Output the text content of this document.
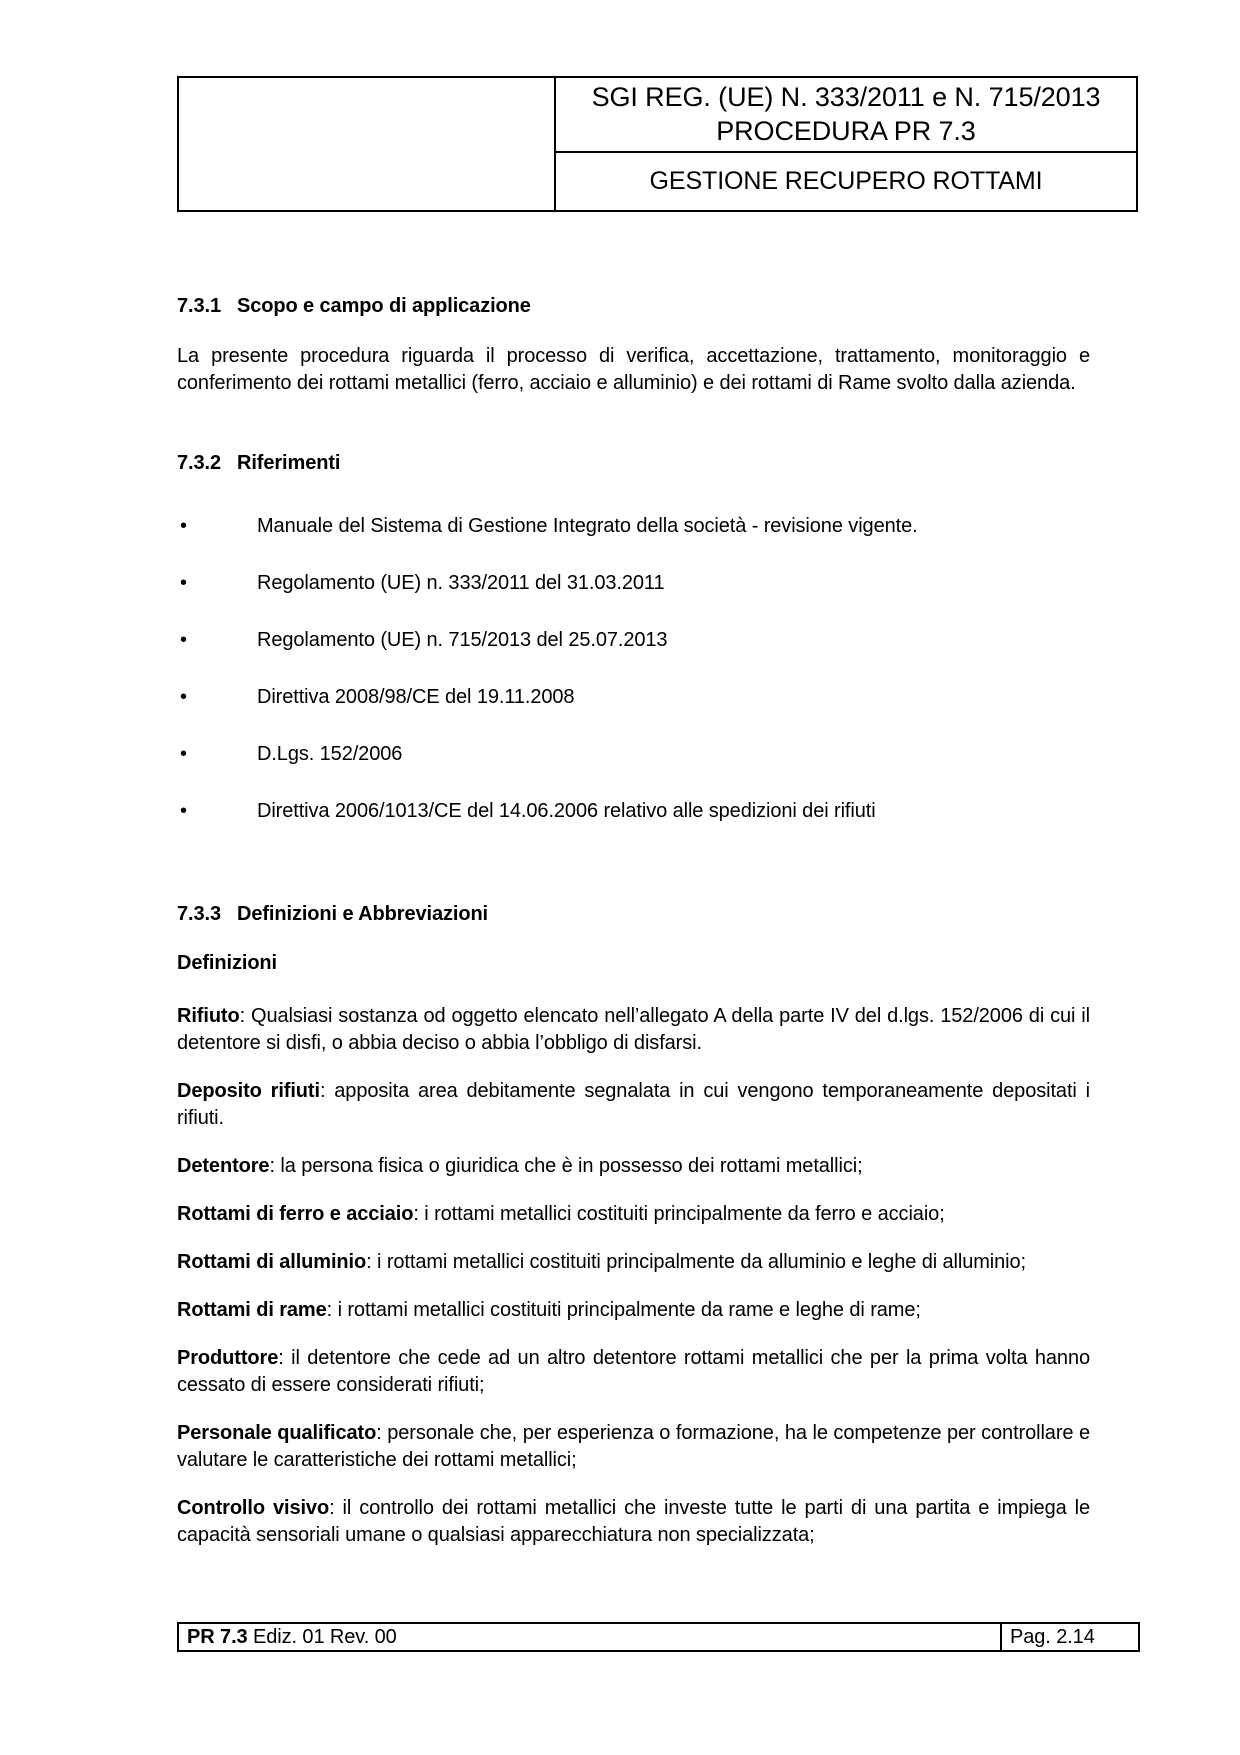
SGI REG. (UE) N. 333/2011 e N. 715/2013
PROCEDURA PR 7.3
GESTIONE RECUPERO ROTTAMI
7.3.1 Scopo e campo di applicazione

La presente procedura riguarda il processo di verifica, accettazione, trattamento, monitoraggio e conferimento dei rottami metallici (ferro, acciaio e alluminio) e dei rottami di Rame svolto dalla azienda.

7.3.2 Riferimenti
•	Manuale del Sistema di Gestione Integrato della società - revisione vigente.
•	Regolamento (UE) n. 333/2011 del 31.03.2011
•	Regolamento (UE) n. 715/2013 del 25.07.2013
•	Direttiva 2008/98/CE del 19.11.2008
•	D.Lgs. 152/2006
•	Direttiva 2006/1013/CE del 14.06.2006 relativo alle spedizioni dei rifiuti
7.3.3 Definizioni e Abbreviazioni
Definizioni

Rifiuto: Qualsiasi sostanza od oggetto elencato nell’allegato A della parte IV del d.lgs. 152/2006 di cui il detentore si disfi, o abbia deciso o abbia l’obbligo di disfarsi.

Deposito rifiuti: apposita area debitamente segnalata in cui vengono temporaneamente depositati i rifiuti.

Detentore: la persona fisica o giuridica che è in possesso dei rottami metallici;

Rottami di ferro e acciaio: i rottami metallici costituiti principalmente da ferro e acciaio;

Rottami di alluminio: i rottami metallici costituiti principalmente da alluminio e leghe di alluminio;

Rottami di rame: i rottami metallici costituiti principalmente da rame e leghe di rame;

Produttore: il detentore che cede ad un altro detentore rottami metallici che per la prima volta hanno cessato di essere considerati rifiuti;

Personale qualificato: personale che, per esperienza o formazione, ha le competenze per controllare e valutare le caratteristiche dei rottami metallici;

Controllo visivo: il controllo dei rottami metallici che investe tutte le parti di una partita e impiega le capacità sensoriali umane o qualsiasi apparecchiatura non specializzata;

PR 7.3 Ediz. 01 Rev. 00	Pag. 2.14
